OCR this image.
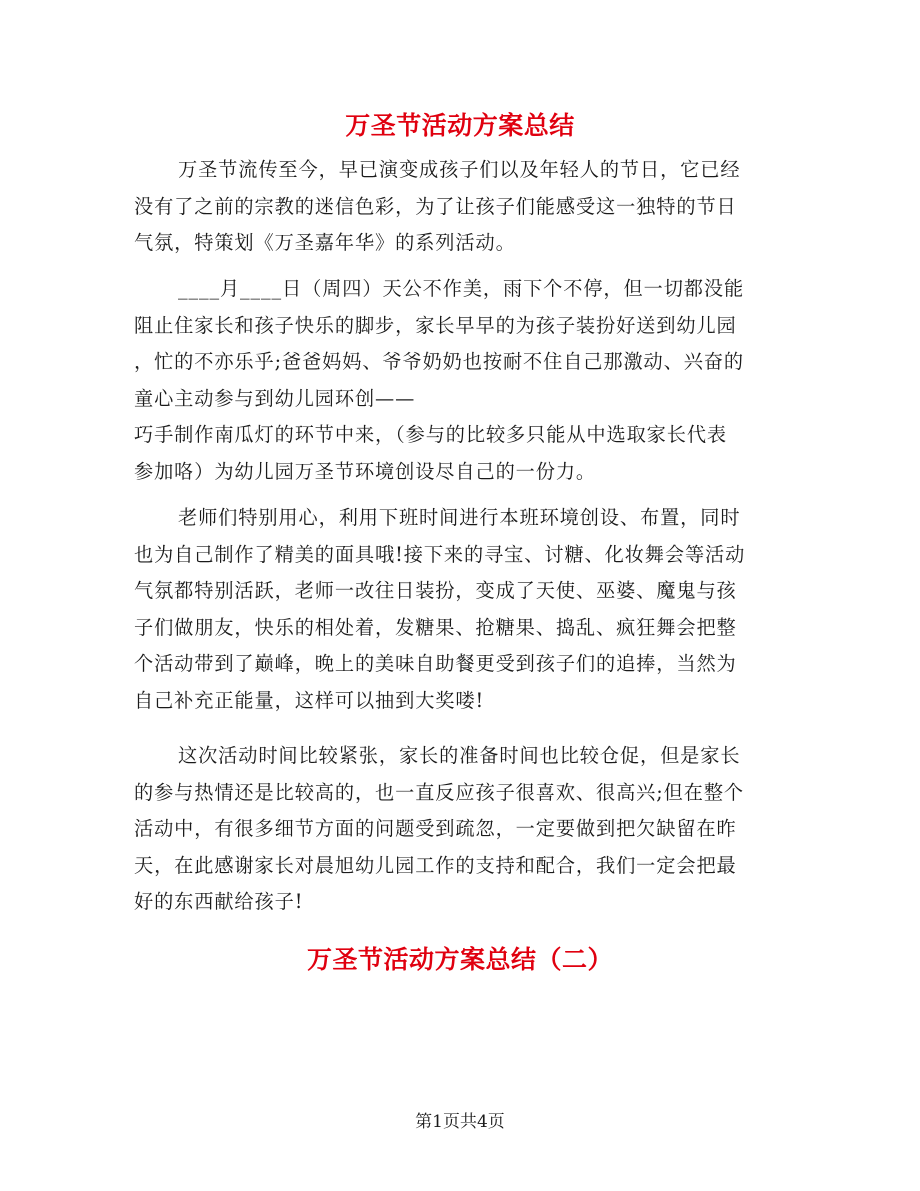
万圣节活动方案总结
万圣节流传至今，早已演变成孩子们以及年轻人的节日，它已经
没有了之前的宗教的迷信色彩，为了让孩子们能感受这一独特的节日
气氛，特策划《万圣嘉年华》的系列活动。
____月____日（周四）天公不作美，雨下个不停，但一切都没能
阻止住家长和孩子快乐的脚步，家长早早的为孩子装扮好送到幼儿园
，忙的不亦乐乎;爸爸妈妈、爷爷奶奶也按耐不住自己那激动、兴奋的
童心主动参与到幼儿园环创——
巧手制作南瓜灯的环节中来，（参与的比较多只能从中选取家长代表
参加咯）为幼儿园万圣节环境创设尽自己的一份力。
老师们特别用心，利用下班时间进行本班环境创设、布置，同时
也为自己制作了精美的面具哦!接下来的寻宝、讨糖、化妆舞会等活动
气氛都特别活跃，老师一改往日装扮，变成了天使、巫婆、魔鬼与孩
子们做朋友，快乐的相处着，发糖果、抢糖果、捣乱、疯狂舞会把整
个活动带到了巅峰，晚上的美味自助餐更受到孩子们的追捧，当然为
自己补充正能量，这样可以抽到大奖喽!
这次活动时间比较紧张，家长的准备时间也比较仓促，但是家长
的参与热情还是比较高的，也一直反应孩子很喜欢、很高兴;但在整个
活动中，有很多细节方面的问题受到疏忽，一定要做到把欠缺留在昨
天，在此感谢家长对晨旭幼儿园工作的支持和配合，我们一定会把最
好的东西献给孩子!
万圣节活动方案总结（二）
第1页共4页
